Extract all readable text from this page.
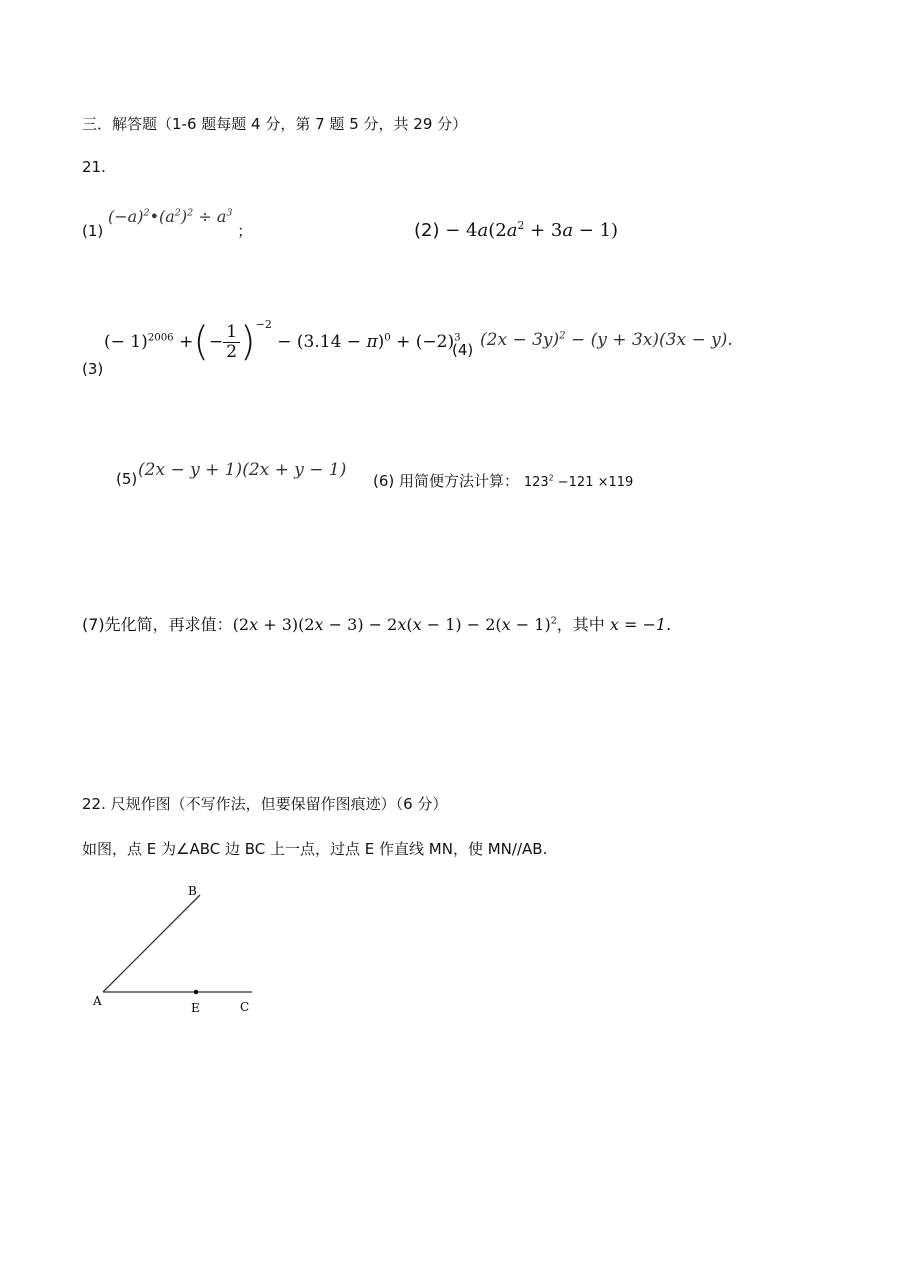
三．解答题（1-6 题每题 4 分，第 7 题 5 分，共 29 分）
21.
(1) $(-a)^2•(a^2)^2 \div a^3$ ；	$(2) - 4a(2a^2 + 3a - 1)$
(3)
(− 1)$^{2006}$ + ( − $\frac{1}{2}$ ) −2
− $(3.14 - \pi)^0 + (-2)^3$
(4) $(2x - 3y)^2 - (y + 3x)(3x - y)$.
(5) (2x − y + 1)(2x + y − 1)
(6) 用简便方法计算： $123^2 -121 \times 119$
(7)先化简，再求值：$(2x + 3)(2x - 3) - 2x(x - 1) - 2(x - 1)^2$，其中 x = −1.
22. 尺规作图（不写作法，但要保留作图痕迹）（6 分）
如图，点 E 为∠ABC 边 BC 上一点，过点 E 作直线 MN，使 MN//AB.
A
B
C
E
